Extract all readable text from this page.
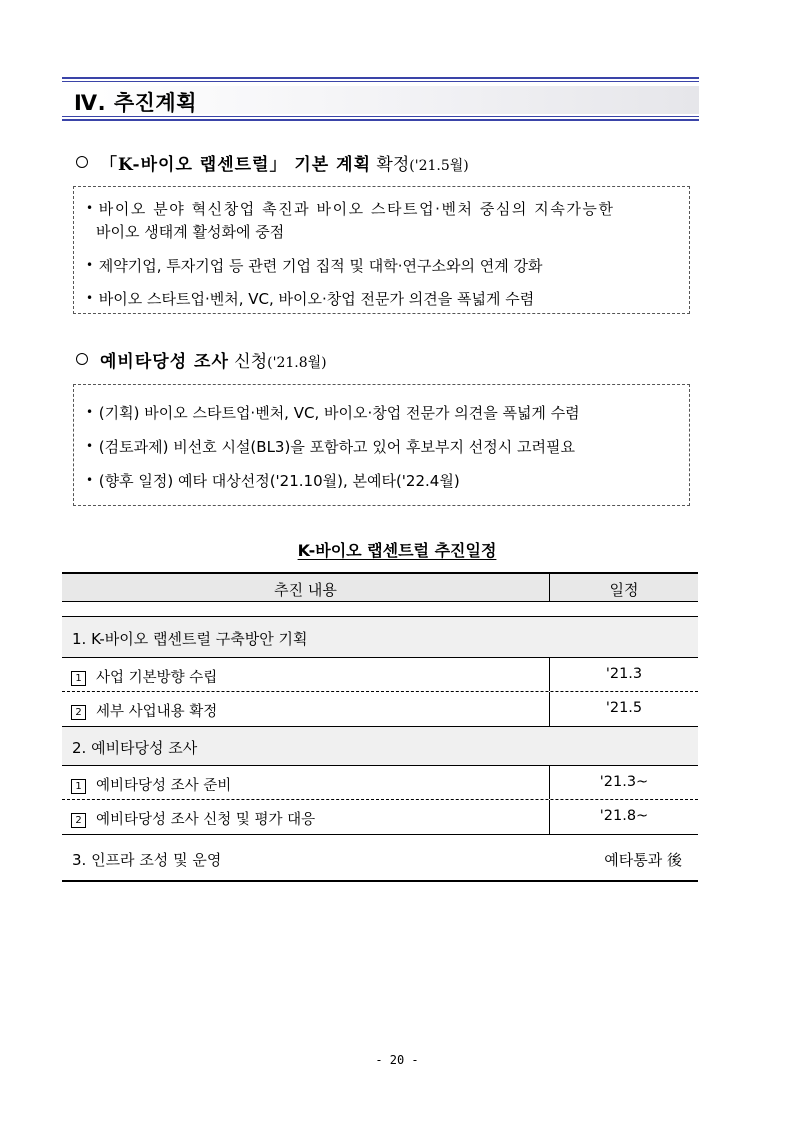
Ⅳ. 추진계획
「K-바이오 랩센트럴」 기본 계획 확정('21.5월)
• 바이오 분야 혁신창업 촉진과 바이오 스타트업·벤처 중심의 지속가능한
바이오 생태계 활성화에 중점
• 제약기업, 투자기업 등 관련 기업 집적 및 대학·연구소와의 연계 강화
• 바이오 스타트업·벤처, VC, 바이오·창업 전문가 의견을 폭넓게 수렴
예비타당성 조사 신청('21.8월)
• (기획) 바이오 스타트업·벤처, VC, 바이오·창업 전문가 의견을 폭넓게 수렴
• (검토과제) 비선호 시설(BL3)을 포함하고 있어 후보부지 선정시 고려필요
• (향후 일정) 예타 대상선정('21.10월), 본예타('22.4월)
K-바이오 랩센트럴 추진일정
추진 내용	일정
1. K-바이오 랩센트럴 구축방안 기획
1 사업 기본방향 수립	'21.3
2 세부 사업내용 확정	'21.5
2. 예비타당성 조사
1 예비타당성 조사 준비	'21.3~
2 예비타당성 조사 신청 및 평가 대응	'21.8~
3. 인프라 조성 및 운영	예타통과 後
- 20 -
